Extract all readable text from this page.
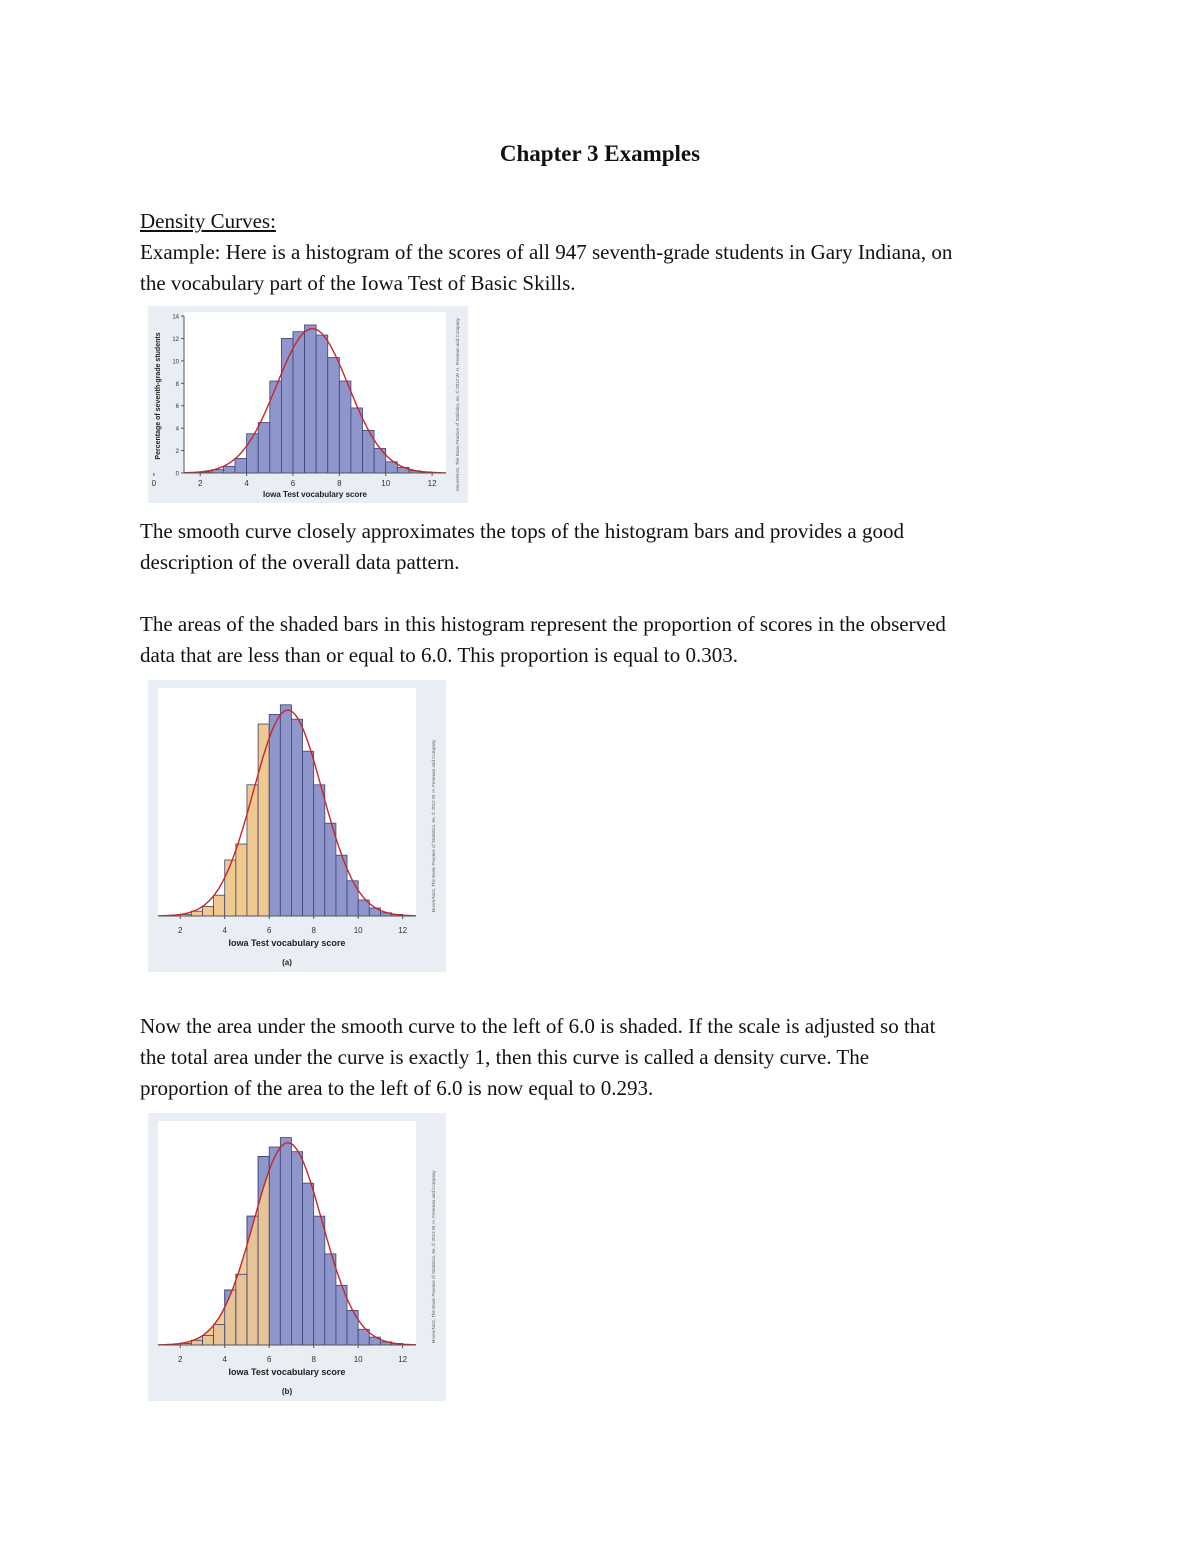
Chapter 3 Examples

Density Curves:

Example: Here is a histogram of the scores of all 947 seventh-grade students in Gary Indiana, on
the vocabulary part of the Iowa Test of Basic Skills.

0	2	4	6	8	10	12
Iowa Test vocabulary score
0
2
4
6
8
10
12
14
Percentage of seventh-grade students	Moore/Notz, The Basic Practice of Statistics, 6e, © 2012 W. H. Freeman and Company

The smooth curve closely approximates the tops of the histogram bars and provides a good
description of the overall data pattern.

The areas of the shaded bars in this histogram represent the proportion of scores in the observed
data that are less than or equal to 6.0. This proportion is equal to 0.303.

2	4	6	8	10	12
Iowa Test vocabulary score
(a)
Moore/Notz, The Basic Practice of Statistics, 6e, © 2012 W. H. Freeman and Company

Now the area under the smooth curve to the left of 6.0 is shaded. If the scale is adjusted so that
the total area under the curve is exactly 1, then this curve is called a density curve. The
proportion of the area to the left of 6.0 is now equal to 0.293.

2	4	6	8	10	12
Iowa Test vocabulary score
(b)
Moore/Notz, The Basic Practice of Statistics, 6e, © 2012 W. H. Freeman and Company
